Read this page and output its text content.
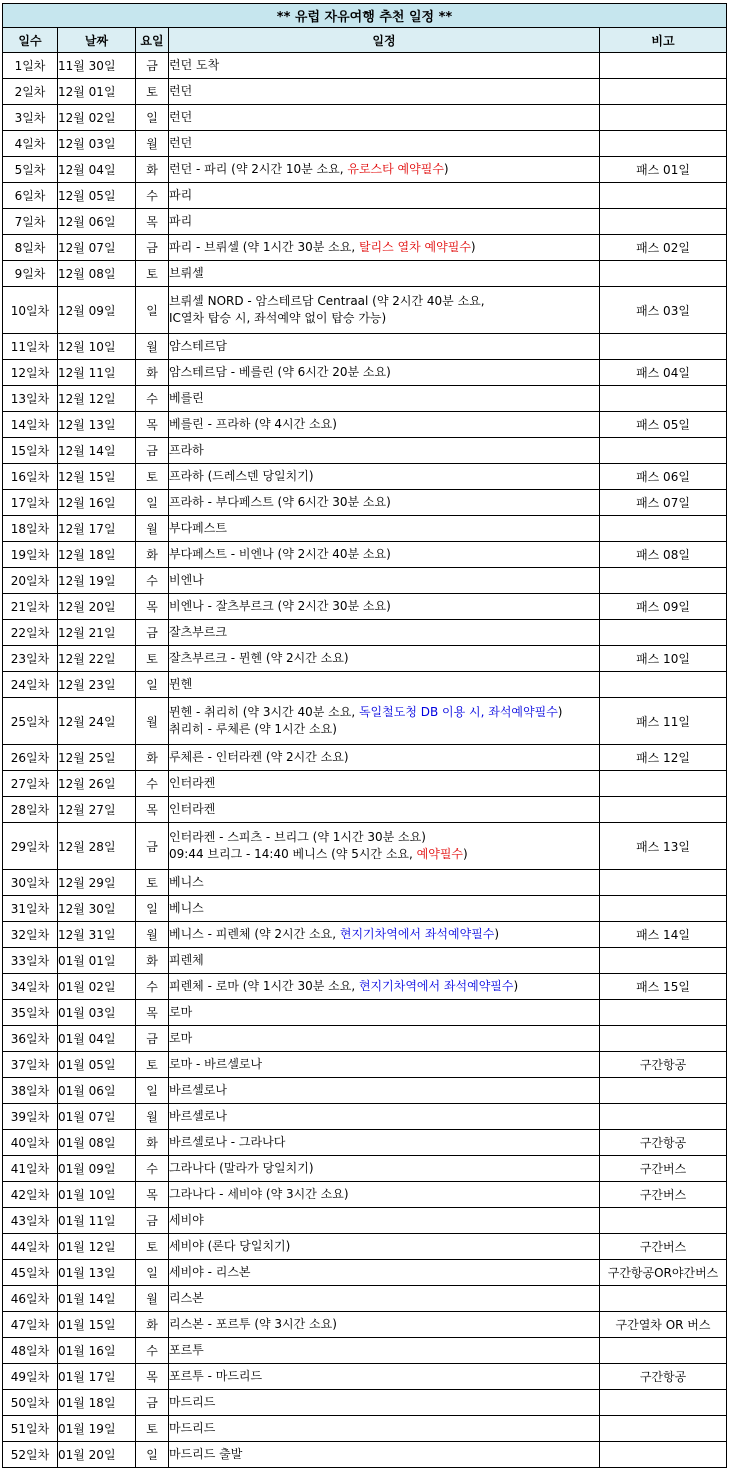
** 유럽 자유여행 추천 일정 **				
일수	날짜	요일	일정	비고
1일차	11월 30일	금	런던 도착	

2일차	12월 01일	토	런던	

3일차	12월 02일	일	런던	

4일차	12월 03일	월	런던	

5일차	12월 04일	화	런던 - 파리 (약 2시간 10분 소요, 유로스타 예약필수)	패스 01일
6일차	12월 05일	수	파리	

7일차	12월 06일	목	파리	

8일차	12월 07일	금	파리 - 브뤼셀 (약 1시간 30분 소요, 탈리스 열차 예약필수)	패스 02일
9일차	12월 08일	토	브뤼셀	

10일차	12월 09일	일	브뤼셀 NORD - 암스테르담 Centraal (약 2시간 40분 소요,
IC열차 탑승 시, 좌석예약 없이 탑승 가능)	패스 03일
11일차	12월 10일	월	암스테르담	

12일차	12월 11일	화	암스테르담 - 베를린 (약 6시간 20분 소요)	패스 04일
13일차	12월 12일	수	베를린	

14일차	12월 13일	목	베를린 - 프라하 (약 4시간 소요)	패스 05일
15일차	12월 14일	금	프라하	

16일차	12월 15일	토	프라하 (드레스덴 당일치기)	패스 06일
17일차	12월 16일	일	프라하 - 부다페스트 (약 6시간 30분 소요)	패스 07일
18일차	12월 17일	월	부다페스트	

19일차	12월 18일	화	부다페스트 - 비엔나 (약 2시간 40분 소요)	패스 08일
20일차	12월 19일	수	비엔나	

21일차	12월 20일	목	비엔나 - 잘츠부르크 (약 2시간 30분 소요)	패스 09일
22일차	12월 21일	금	잘츠부르크	

23일차	12월 22일	토	잘츠부르크 - 뮌헨 (약 2시간 소요)	패스 10일
24일차	12월 23일	일	뮌헨	

25일차	12월 24일	월	뮌헨 - 취리히 (약 3시간 40분 소요, 독일철도청 DB 이용 시, 좌석예약필수)
취리히 - 루체른 (약 1시간 소요)	패스 11일
26일차	12월 25일	화	루체른 - 인터라켄 (약 2시간 소요)	패스 12일
27일차	12월 26일	수	인터라켄	

28일차	12월 27일	목	인터라켄	

29일차	12월 28일	금	인터라켄 - 스피츠 - 브리그 (약 1시간 30분 소요)
09:44 브리그 - 14:40 베니스 (약 5시간 소요, 예약필수)	패스 13일
30일차	12월 29일	토	베니스	

31일차	12월 30일	일	베니스	

32일차	12월 31일	월	베니스 - 피렌체 (약 2시간 소요, 현지기차역에서 좌석예약필수)	패스 14일
33일차	01월 01일	화	피렌체	

34일차	01월 02일	수	피렌체 - 로마 (약 1시간 30분 소요, 현지기차역에서 좌석예약필수)	패스 15일
35일차	01월 03일	목	로마	

36일차	01월 04일	금	로마	

37일차	01월 05일	토	로마 - 바르셀로나	구간항공
38일차	01월 06일	일	바르셀로나	

39일차	01월 07일	월	바르셀로나	

40일차	01월 08일	화	바르셀로나 - 그라나다	구간항공
41일차	01월 09일	수	그라나다 (말라가 당일치기)	구간버스
42일차	01월 10일	목	그라나다 - 세비야 (약 3시간 소요)	구간버스
43일차	01월 11일	금	세비야	

44일차	01월 12일	토	세비야 (론다 당일치기)	구간버스
45일차	01월 13일	일	세비야 - 리스본	구간항공OR야간버스
46일차	01월 14일	월	리스본	

47일차	01월 15일	화	리스본 - 포르투 (약 3시간 소요)	구간열차 OR 버스
48일차	01월 16일	수	포르투	

49일차	01월 17일	목	포르투 - 마드리드	구간항공
50일차	01월 18일	금	마드리드	

51일차	01월 19일	토	마드리드	

52일차	01월 20일	일	마드리드 출발	
